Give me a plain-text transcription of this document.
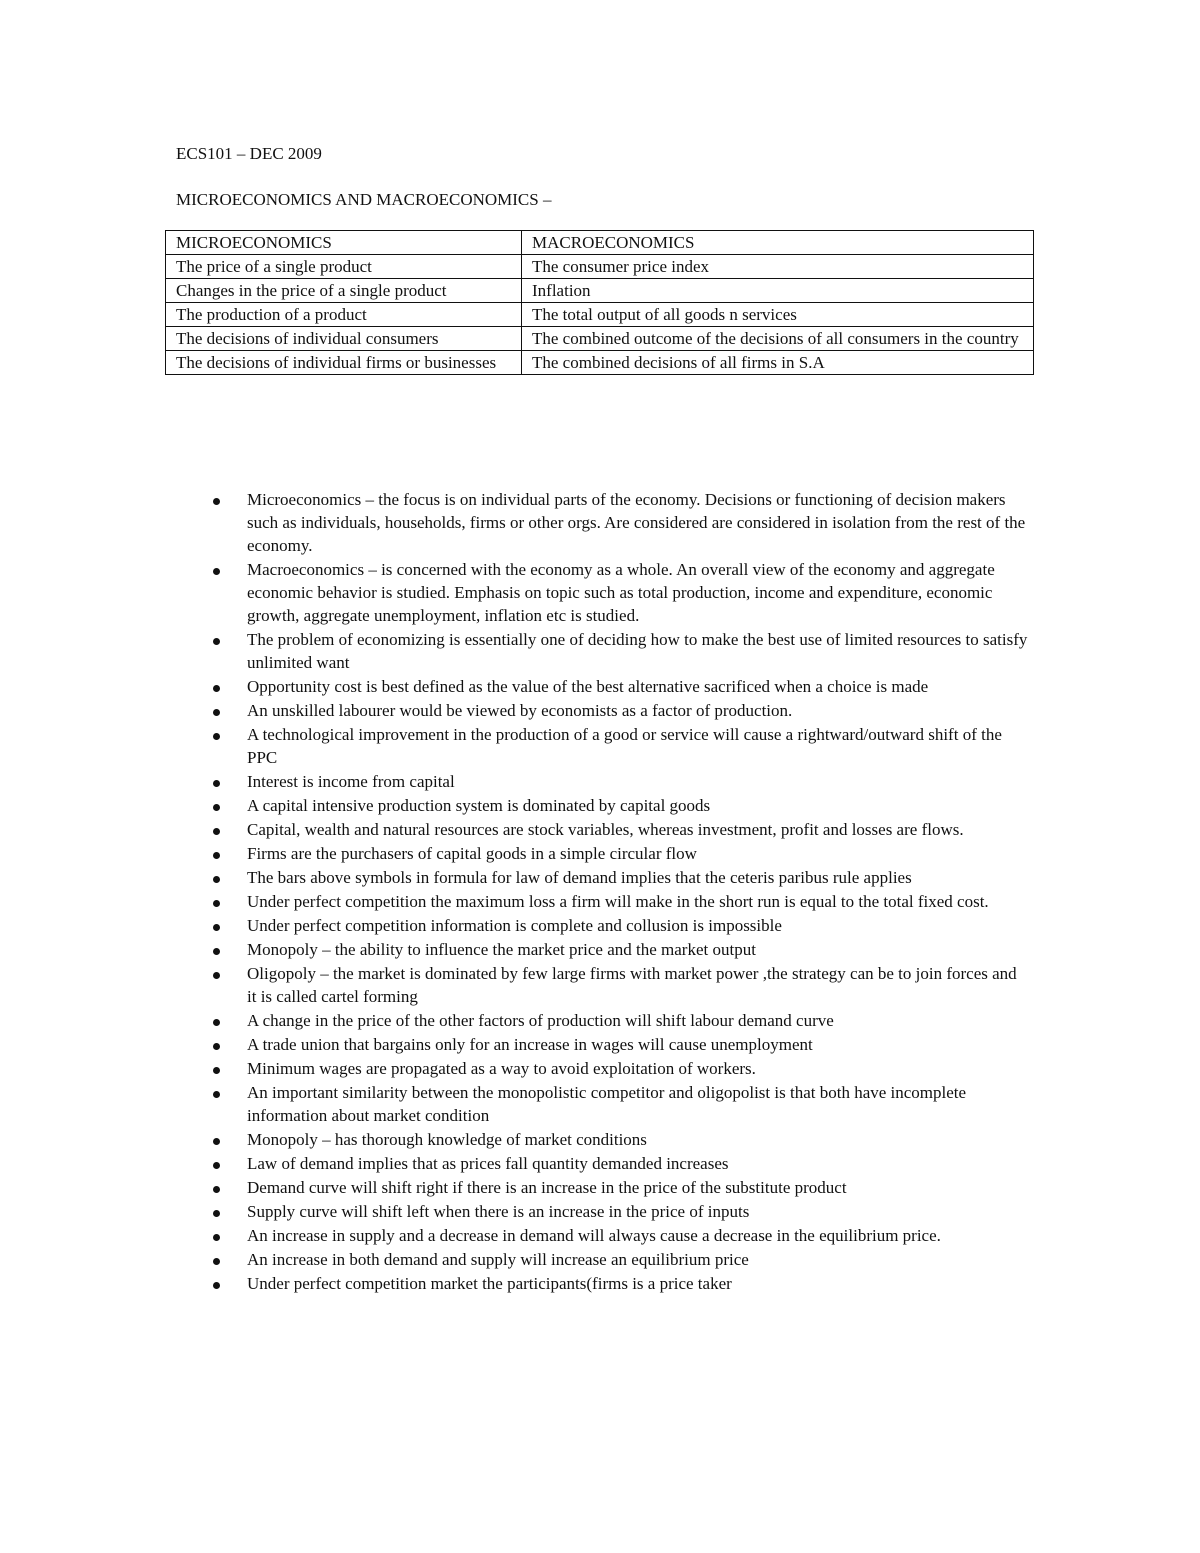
ECS101 – DEC 2009
MICROECONOMICS AND MACROECONOMICS –
MICROECONOMICS	MACROECONOMICS
The price of a single product	The consumer price index
Changes in the price of a single product	Inflation
The production of a product	The total output of all goods n services
The decisions of individual consumers	The combined outcome of the decisions of all consumers in the country
The decisions of individual firms or businesses	The combined decisions of all firms in S.A
Microeconomics – the focus is on individual parts of the economy. Decisions or functioning of decision makers such as individuals, households, firms or other orgs. Are considered are considered in isolation from the rest of the economy.
Macroeconomics – is concerned with the economy as a whole. An overall view of the economy and aggregate economic behavior is studied. Emphasis on topic such as total production, income and expenditure, economic growth, aggregate unemployment, inflation etc is studied.
The problem of economizing is essentially one of deciding how to make the best use of limited resources to satisfy unlimited want
Opportunity cost is best defined as the value of the best alternative sacrificed when a choice is made
An unskilled labourer would be viewed by economists as a factor of production.
A technological improvement in the production of a good or service will cause a rightward/outward shift of the PPC
Interest is income from capital
A capital intensive production system is dominated by capital goods
Capital, wealth and natural resources are stock variables, whereas investment, profit and losses are flows.
Firms are the purchasers of capital goods in a simple circular flow
The bars above symbols in formula for law of demand implies that the ceteris paribus rule applies
Under perfect competition the maximum loss a firm will make in the short run is equal to the total fixed cost.
Under perfect competition information is complete and collusion is impossible
Monopoly – the ability to influence the market price and the market output
Oligopoly – the market is dominated by few large firms with market power ,the strategy can be to join forces and it is called cartel forming
A change in the price of the other factors of production will shift labour demand curve
A trade union that bargains only for an increase in wages will cause unemployment
Minimum wages are propagated as a way to avoid exploitation of workers.
An important similarity between the monopolistic competitor and oligopolist is that both have incomplete information about market condition
Monopoly – has thorough knowledge of market conditions
Law of demand implies that as prices fall quantity demanded increases
Demand curve will shift right if there is an increase in the price of the substitute product
Supply curve will shift left when there is an increase in the price of inputs
An increase in supply and a decrease in demand will always cause a decrease in the equilibrium price.
An increase in both demand and supply will increase an equilibrium price
Under perfect competition market the participants(firms is a price taker
